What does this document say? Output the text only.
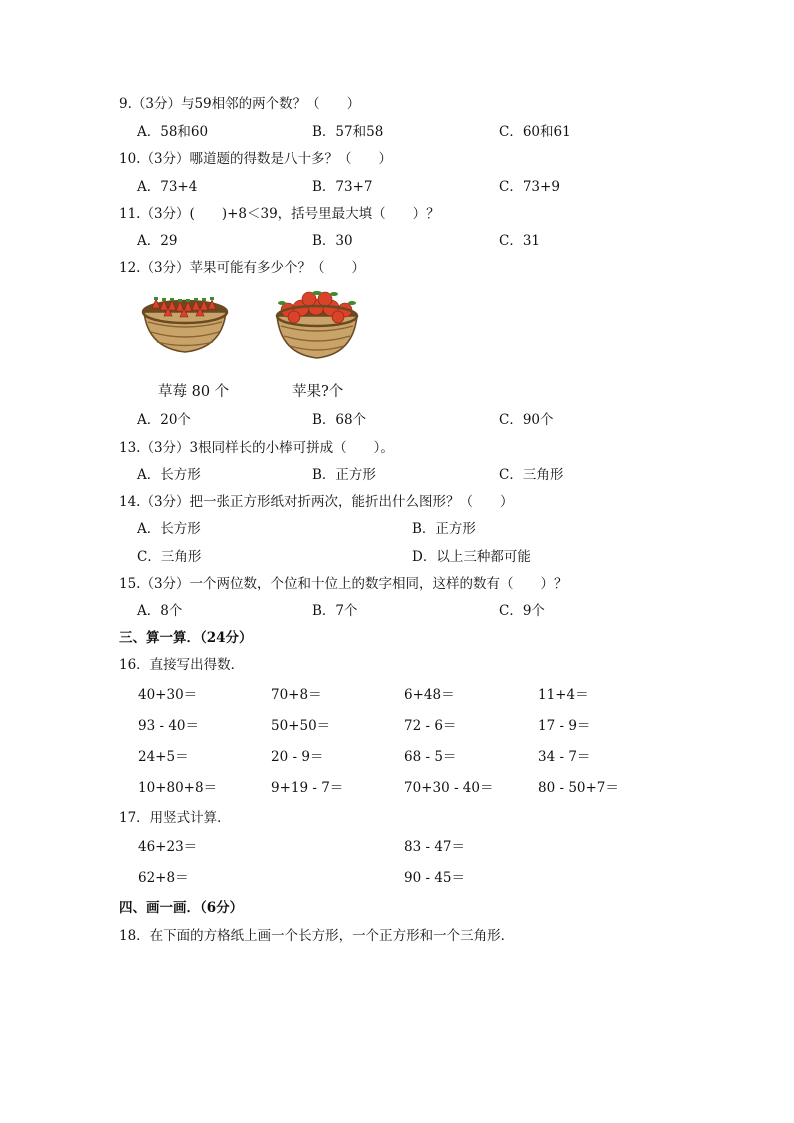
9.（3分）与59相邻的两个数？（　　）
A．58和60	B．57和58	C．60和61
10.（3分）哪道题的得数是八十多？（　　）
A．73+4	B．73+7	C．73+9
11.（3分）(　　)+8＜39，括号里最大填（　　）？
A．29	B．30	C．31
12.（3分）苹果可能有多少个？（　　）
草莓 80 个	苹果?个
A．20个	B．68个	C．90个
13.（3分）3根同样长的小棒可拼成（　　）。
A．长方形	B．正方形	C．三角形
14.（3分）把一张正方形纸对折两次，能折出什么图形？（　　）
A．长方形	B．正方形
C．三角形	D．以上三种都可能
15.（3分）一个两位数，个位和十位上的数字相同，这样的数有（　　）？
A．8个	B．7个	C．9个
三、算一算．（24分）
16．直接写出得数．
40+30＝	70+8＝	6+48＝	11+4＝
93 - 40＝	50+50＝	72 - 6＝	17 - 9＝
24+5＝	20 - 9＝	68 - 5＝	34 - 7＝
10+80+8＝	9+19 - 7＝	70+30 - 40＝	80 - 50+7＝
17．用竖式计算．
46+23＝	83 - 47＝
62+8＝	90 - 45＝
四、画一画．（6分）
18．在下面的方格纸上画一个长方形，一个正方形和一个三角形．
